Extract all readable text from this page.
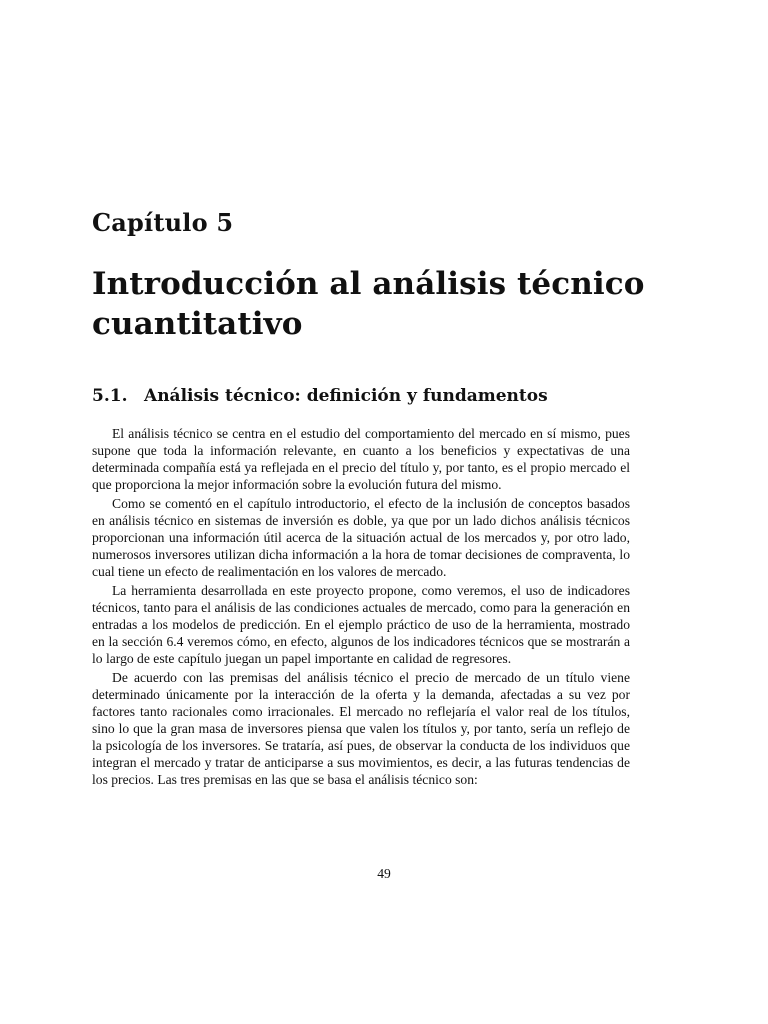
Capítulo 5
Introducción al análisis técnico cuantitativo
5.1. Análisis técnico: definición y fundamentos

El análisis técnico se centra en el estudio del comportamiento del mercado en sí mismo, pues supone que toda la información relevante, en cuanto a los beneficios y expectativas de una determinada compañía está ya reflejada en el precio del título y, por tanto, es el propio mercado el que proporciona la mejor información sobre la evolución futura del mismo.

Como se comentó en el capítulo introductorio, el efecto de la inclusión de conceptos basados en análisis técnico en sistemas de inversión es doble, ya que por un lado dichos análisis técnicos proporcionan una información útil acerca de la situación actual de los mercados y, por otro lado, numerosos inversores utilizan dicha información a la hora de tomar decisiones de compraventa, lo cual tiene un efecto de realimentación en los valores de mercado.

La herramienta desarrollada en este proyecto propone, como veremos, el uso de indicadores técnicos, tanto para el análisis de las condiciones actuales de mercado, como para la generación en entradas a los modelos de predicción. En el ejemplo práctico de uso de la herramienta, mostrado en la sección 6.4 veremos cómo, en efecto, algunos de los indicadores técnicos que se mostrarán a lo largo de este capítulo juegan un papel importante en calidad de regresores.

De acuerdo con las premisas del análisis técnico el precio de mercado de un título viene determinado únicamente por la interacción de la oferta y la demanda, afectadas a su vez por factores tanto racionales como irracionales. El mercado no reflejaría el valor real de los títulos, sino lo que la gran masa de inversores piensa que valen los títulos y, por tanto, sería un reflejo de la psicología de los inversores. Se trataría, así pues, de observar la conducta de los individuos que integran el mercado y tratar de anticiparse a sus movimientos, es decir, a las futuras tendencias de los precios. Las tres premisas en las que se basa el análisis técnico son:

49
